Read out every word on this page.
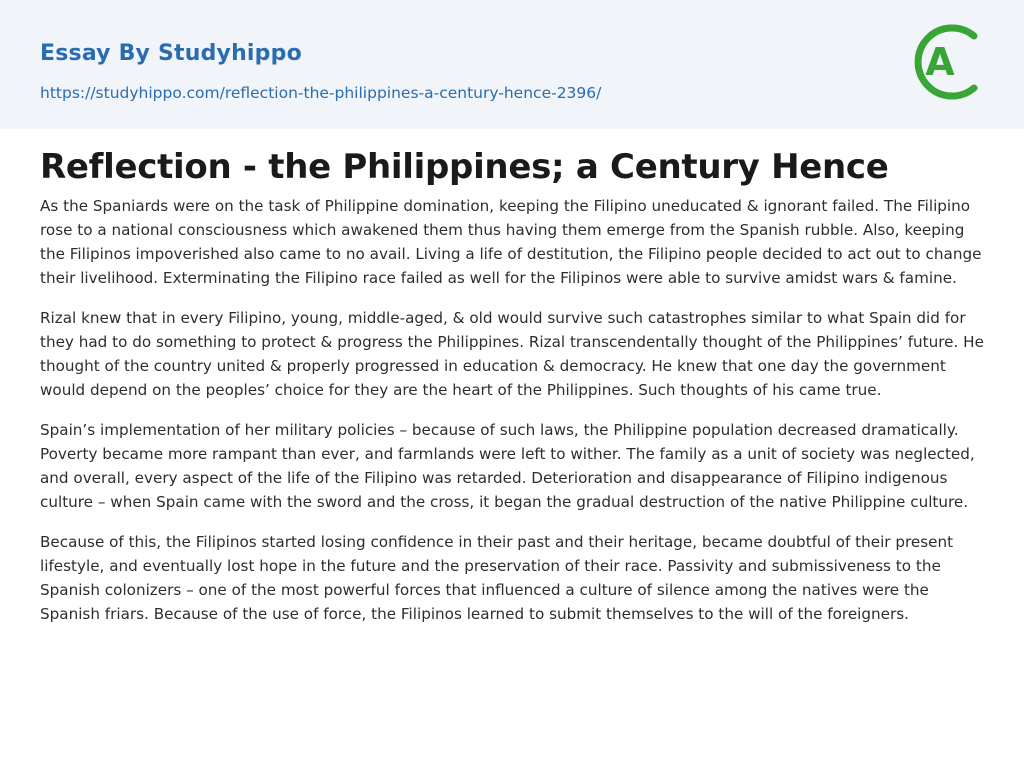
Essay By Studyhippo
https://studyhippo.com/reflection-the-philippines-a-century-hence-2396/
A
Reflection - the Philippines; a Century Hence

As the Spaniards were on the task of Philippine domination, keeping the Filipino uneducated & ignorant failed. The Filipino rose to a national consciousness which awakened them thus having them emerge from the Spanish rubble. Also, keeping the Filipinos impoverished also came to no avail. Living a life of destitution, the Filipino people decided to act out to change their livelihood. Exterminating the Filipino race failed as well for the Filipinos were able to survive amidst wars & famine.

Rizal knew that in every Filipino, young, middle-aged, & old would survive such catastrophes similar to what Spain did for they had to do something to protect & progress the Philippines. Rizal transcendentally thought of the Philippines’ future. He thought of the country united & properly progressed in education & democracy. He knew that one day the government would depend on the peoples’ choice for they are the heart of the Philippines. Such thoughts of his came true.

Spain’s implementation of her military policies – because of such laws, the Philippine population decreased dramatically. Poverty became more rampant than ever, and farmlands were left to wither. The family as a unit of society was neglected, and overall, every aspect of the life of the Filipino was retarded. Deterioration and disappearance of Filipino indigenous culture – when Spain came with the sword and the cross, it began the gradual destruction of the native Philippine culture.

Because of this, the Filipinos started losing confidence in their past and their heritage, became doubtful of their present lifestyle, and eventually lost hope in the future and the preservation of their race. Passivity and submissiveness to the Spanish colonizers – one of the most powerful forces that influenced a culture of silence among the natives were the Spanish friars. Because of the use of force, the Filipinos learned to submit themselves to the will of the foreigners.
